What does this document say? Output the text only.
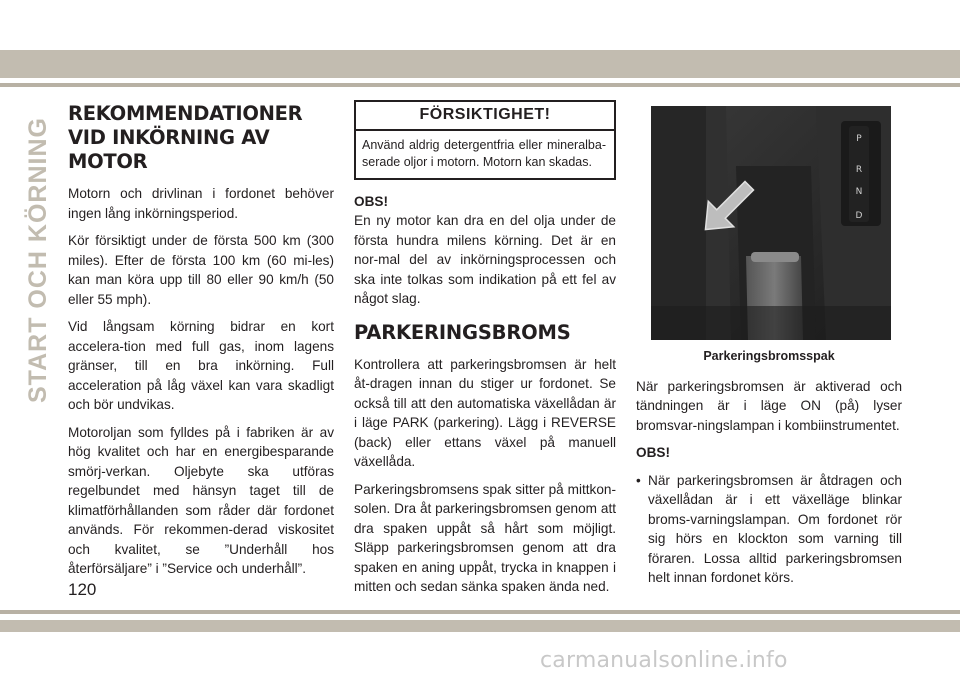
START OCH KÖRNING
REKOMMENDATIONER VID INKÖRNING AV MOTOR

Motorn och drivlinan i fordonet behöver ingen lång inkörningsperiod.

Kör försiktigt under de första 500 km (300 miles). Efter de första 100 km (60 mi-les) kan man köra upp till 80 eller 90 km/h (50 eller 55 mph).

Vid långsam körning bidrar en kort accelera-tion med full gas, inom lagens gränser, till en bra inkörning. Full acceleration på låg växel kan vara skadligt och bör undvikas.

Motoroljan som fylldes på i fabriken är av hög kvalitet och har en energibesparande smörj-verkan. Oljebyte ska utföras regelbundet med hänsyn taget till de klimatförhållanden som råder där fordonet används. För rekommen-derad viskositet och kvalitet, se ”Underhåll hos återförsäljare” i ”Service och underhåll”.

FÖRSIKTIGHET!
Använd aldrig detergentfria eller mineralba-serade oljor i motorn. Motorn kan skadas.

OBS!

En ny motor kan dra en del olja under de första hundra milens körning. Det är en nor-mal del av inkörningsprocessen och ska inte tolkas som indikation på ett fel av något slag.

PARKERINGSBROMS

Kontrollera att parkeringsbromsen är helt åt-dragen innan du stiger ur fordonet. Se också till att den automatiska växellådan är i läge PARK (parkering). Lägg i REVERSE (back) eller ettans växel på manuell växellåda.

Parkeringsbromsens spak sitter på mittkon-solen. Dra åt parkeringsbromsen genom att dra spaken uppåt så hårt som möjligt. Släpp parkeringsbromsen genom att dra spaken en aning uppåt, trycka in knappen i mitten och sedan sänka spaken ända ned.

P
R
N
D
Parkeringsbromsspak

När parkeringsbromsen är aktiverad och tändningen är i läge ON (på) lyser bromsvar-ningslampan i kombiinstrumentet.

OBS!

• När parkeringsbromsen är åtdragen och växellådan är i ett växelläge blinkar broms-varningslampan. Om fordonet rör sig hörs en klockton som varning till föraren. Lossa alltid parkeringsbromsen helt innan fordonet körs.
120
carmanualsonline.info
